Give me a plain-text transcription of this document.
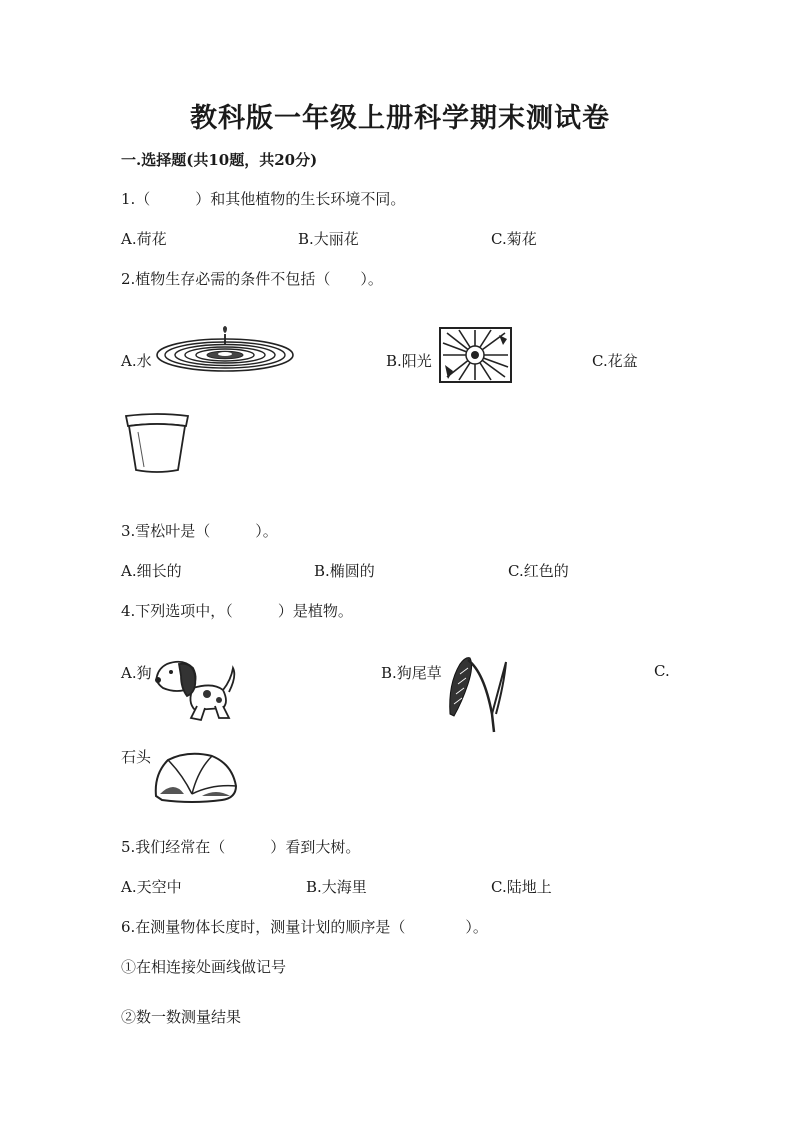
教科版一年级上册科学期末测试卷
一.选择题(共10题，共20分)
1.（　　　）和其他植物的生长环境不同。
A.荷花	B.大丽花	C.菊花
2.植物生存必需的条件不包括（　　）。
A.水	B.阳光	C.花盆
3.雪松叶是（　　　）。
A.细长的	B.椭圆的	C.红色的
4.下列选项中，（　　　）是植物。
A.狗	B.狗尾草	C.
石头
5.我们经常在（　　　）看到大树。
A.天空中	B.大海里	C.陆地上
6.在测量物体长度时，测量计划的顺序是（　　　　）。
①在相连接处画线做记号
②数一数测量结果
